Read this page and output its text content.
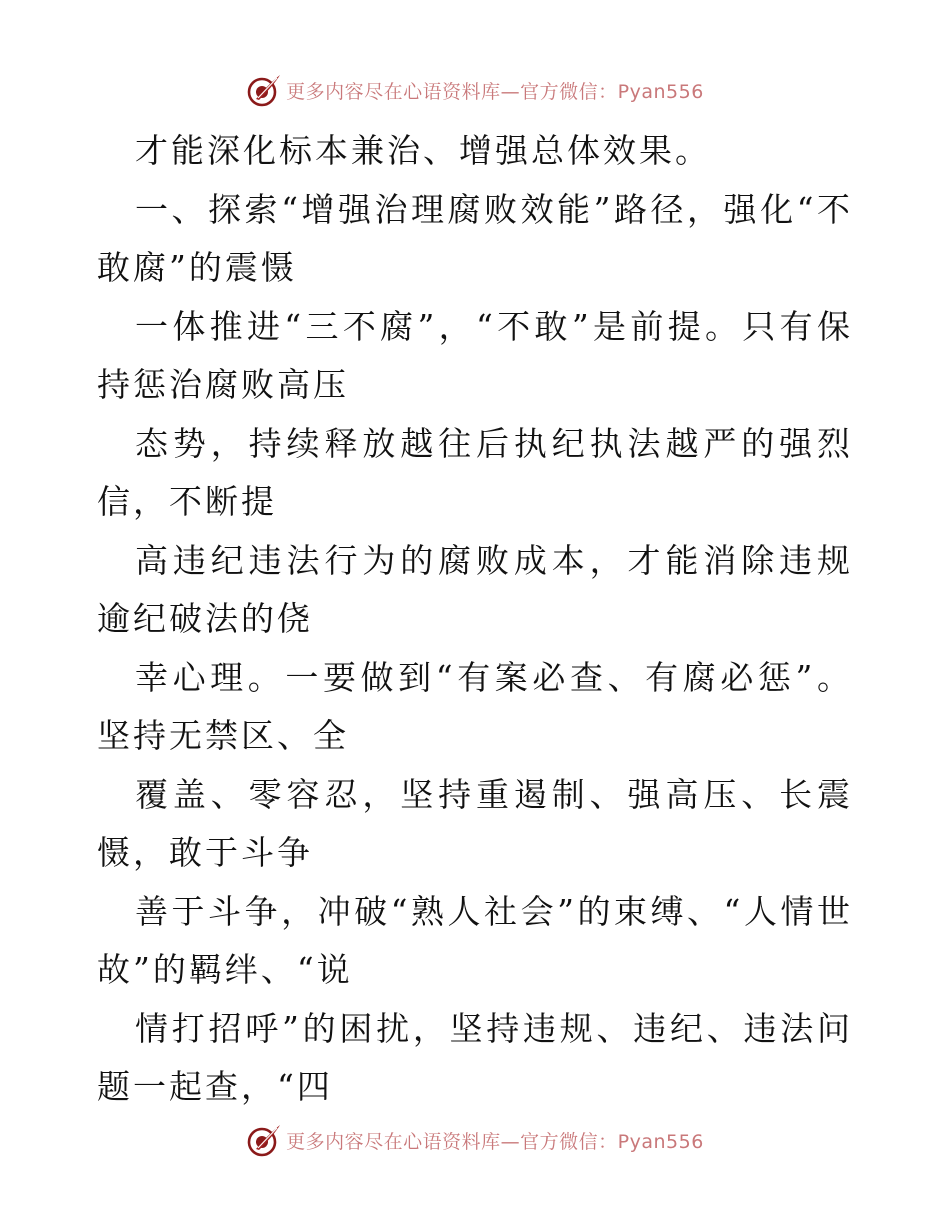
更多内容尽在心语资料库—官方微信：Pyan556

才能深化标本兼治、增强总体效果。

一、探索“增强治理腐败效能”路径，强化“不敢腐”的震慑

一体推进“三不腐”，“不敢”是前提。只有保持惩治腐败高压

态势，持续释放越往后执纪执法越严的强烈信，不断提

高违纪违法行为的腐败成本，才能消除违规逾纪破法的侥

幸心理。一要做到“有案必查、有腐必惩”。坚持无禁区、全

覆盖、零容忍，坚持重遏制、强高压、长震慑，敢于斗争

善于斗争，冲破“熟人社会”的束缚、“人情世故”的羁绊、“说

情打招呼”的困扰，坚持违规、违纪、违法问题一起查，“四

更多内容尽在心语资料库—官方微信：Pyan556
